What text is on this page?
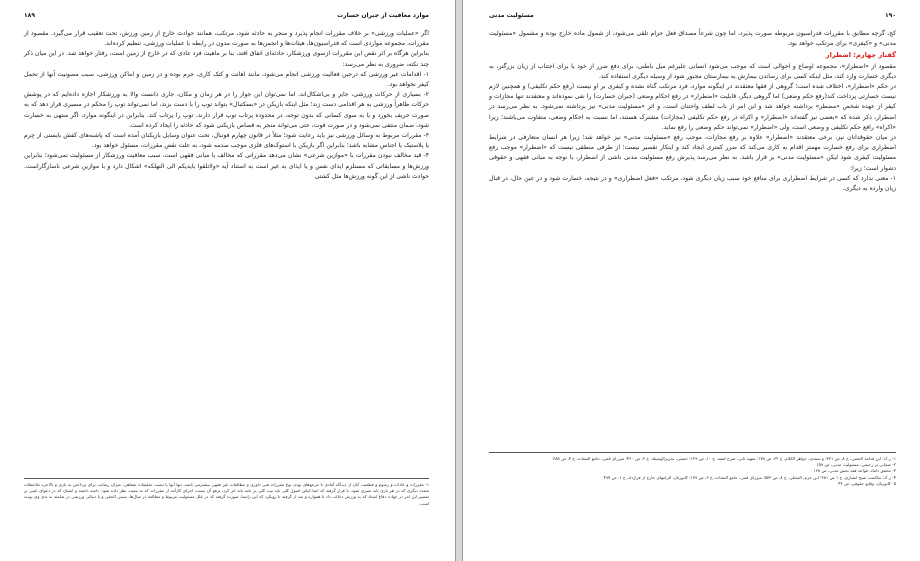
موارد معافیت از جبران خسارت
۱۸۹

اگر «عملیات ورزشی» بر خلاف مقررات انجام پذیرد و منجر به حادثه شود، مرتکب، همانند حوادث خارج از زمین ورزش، تحت تعقیب قرار می‌گیرد. مقصود از مقررات، مجموعه مواردی است که فدراسیون‌ها، هیئات‌ها و انجمن‌ها به صورت مدون در رابطه با عملیات ورزشی، تنظیم کرده‌اند.

بنابراین هرگاه بر اثر نقض این مقررات ازسوی ورزشکار، حادثه‌ای اتفاق افتد، بنا بر ماهیت فرد عادی که در خارج از زمین است، رفتار خواهد شد. در این میان ذکر چند نکته، ضروری به نظر می‌رسد:

۱- اقدامات غیر ورزشی که درحین فعالیت ورزشی انجام می‌شود، مانند اهانت و کتک کاری، جرم بوده و در زمین و اماکن ورزشی، سبب مصونیت آنها از تحمل کیفر نخواهد بود.

۲- بسیاری از حرکات ورزشی، جایز و بی‌اشکال‌اند، اما نمی‌توان این جواز را در هر زمان و مکان، جاری دانست والا به ورزشکار اجازه داده‌ایم که در پوشش حرکات ظاهراً ورزشی به هر اقدامی دست زند؛ مثل اینکه بازیکن در «بسکتبال» بتواند توپ را با دست بزند، اما نمی‌تواند توپ را محکم در مسیری قرار دهد که به صورت حریف بخورد و یا به سوی کسانی که بدون توجه، در محدوده پرتاب توپ قرار دارند، توپ را پرتاب کند. بنابراین در اینگونه موارد، اگر منتهی به خسارت شود، ضمان منتفی نمی‌شود و در صورت فوت، حتی می‌تواند منجر به قصاص بازیکنی شود که حادثه را ایجاد کرده است.

۳- مقررات مربوط به وسائل ورزشی نیز باید رعایت شود؛ مثلاً در قانون چهارم فوتبال، تحت عنوان وسایل بازیکنان آمده است که پاشنه‌های کفش بایستی از چرم یا پلاستیک یا اجناس مشابه باشد؛ بنابراین اگر بازیکن با استوک‌های فلزی موجب صدمه شود، به علت نقض مقررات، مسئول خواهد بود.

۴- قید مخالف نبودن مقررات با «موازین شرعی» نشان می‌دهد مقرراتی که مخالف با مبانی فقهی است، سبب معافیت ورزشکار از مسئولیت نمی‌شود؛ بنابراین ورزش‌ها و مسابقاتی که مستلزم ایذای نفس و یا ایذای به غیر است به استناد آیه «ولاتلقوا بایدیکم الی التهلکه» اشکال دارد و با موازین شرعی ناسازگاراست. حوادث ناشی از این گونه ورزش‌ها مثل کشتی

۱- مقررات و عادات و رسوم و قطعیت آنان از دیدگاه آمادی با مرجع‌های بودن نوع مقررات فنی داوری و مطالعات غیر فقهی بیشترمی باشد، تنها آنها با تبعیت تحقیقات شفاهی، میزان رضایت برای پرداختن به بازی و بالاخره ملاحظات متعدد دیگری که در هر بازی باید تسری شود، با قرار گرفته که ابتدا لیکن اصول کلی باید بیت کلی بر نامه باید اثر کرد، ترفع آن نیست اجرای کارآمد از مقررات که به تبعیت نظر داده شود. دامنه داشته و ایشان که در دعوای عینی بر تقصیر این امر در جهات دفاع اسناد که به ورزش دخالت داد تا همواره و بعد از گرفته تا رویکرد که این راستا، صورت گرفته که در علل مسئولیت مربوط و مطالعه در سال‌ها، سببی الحقی و یا دنبالی ورزشی در ضامنه به ندی وی بودند است.

۱۹۰
مسئولیت مدنی

کج، گرچه مطابق با مقررات فدراسیون مربوطه صورت پذیرد، اما چون شرعاً مصداق فعل حرام تلقی می‌شود، از شمول ماده خارج بوده و مشمول «مسئولیت مدنی» و «کیفری» برای مرتکب خواهد بود.

گفتار چهارم: اضطرار

مقصود از «اضطرار»، مجموعه اوضاع و احوالی است که موجب می‌شود انسانی علیرغم میل باطنی، برای دفع ضرر از خود یا برای اجتناب از زیان بزرگتر، به دیگری خسارت وارد کند، مثل اینکه کسی برای رساندن بیمارش به بیمارستان مجبور شود از وسیله دیگری استفاده کند.

در حکم «اضطرار»، اختلاف شده است؛ گروهی از فقها معتقدند در اینگونه موارد، فرد مرتکب گناه نشده و کیفری بر او نیست (رفع حکم تکلیفی) و همچنین لازم نیست خسارتی پرداخت کند(رفع حکم وضعی) اما گروهی دیگر، قابلیت «اضطرار» در رفع احکام وضعی (جبران خسارت) را نفی نموده‌اند و معتقدند تنها مجازات و کیفر از عهده شخص «مضطر» برداشته خواهد شد و این امر از باب لطف واحتنان است، و اثر «مسئولیت مدنی» نیز برداشته نمی‌شود. به نظر می‌رسد در اضطرار، ذکر شده که «بعضی نیز گفته‌اند «اضطرار» و اکراه در رفع حکم تکلیفی (مجازات) مشترک هستند، اما نسبت به احکام وضعی، متفاوت می‌باشند؛ زیرا «اکراه» رافع حکم تکلیفی و وضعی است، ولی «اضطرار» نمی‌تواند حکم وضعی را رفع نماید.

در میان حقوقدانان نیز، برخی معتقدند «اضطرار» علاوه بر رفع مجازات، موجب رفع «مسئولیت مدنی» نیز خواهد شد؛ زیرا هر انسان متعارفی در شرایط اضطراری برای رفع خسارت مهمتر اقدام به کاری می‌کند که ضرر کمتری ایجاد کند و اینکار تقصیر نیست؛ از طرفی منطقی نیست که «اضطرار» موجب رفع مسئولیت کیفری شود لیکن «مسئولیت مدنی» بر قرار باشد. به نظر می‌رسد پذیرش رفع مسئولیت مدنی ناشی از اضطرار، با توجه به مبانی فقهی و حقوقی دشوار است؛ زیرا:

۱- معنی ندارد که کسی در شرایط اضطراری برای منافع خود سبب زیان دیگری شود، مرتکب «فعل اضطراری» و در نتیجه، خسارت شود و در عین حال، در قبال زیان وارده به دیگری،

۱- ر.ک: ابن قدامه المغنی، ج ۸، ص ۳۳۱؛ و سعدی، جواهر الکلام، ج ۳۲، ص ۱۷۸؛ شهید ثانی، شرح لمعه، ج ۱۰، ص ۱۲۹؛ خمینی، تحریرالوسیله، ج ۲، ص ۴۶۰؛ میرزای قمی، جامع الشتات، ج ۴، ص ۳۸۵

۲- صفایی بر رحیمی، مسئولیت مدنی، ص ۱۵۹

۳- محقق داماد، قواعد فقه بخش مدنی، ص ۱۶۸

۴- ر.ک: مکاسب شیخ انصاری، ج ۱ ص ۲۸۱؛ ابن حزم، المحلی، ج ۸، ص ۵۷۳؛ میرزای قمی، جامع الشتات، ج ۳، ص ۱۷۹؛ کاتوزیان، الزامهای خارج از قرارداد، ج ۱، ص ۴۹۷

۵- کاتوزیان، وقایع حقوقی، ص ۴۴
